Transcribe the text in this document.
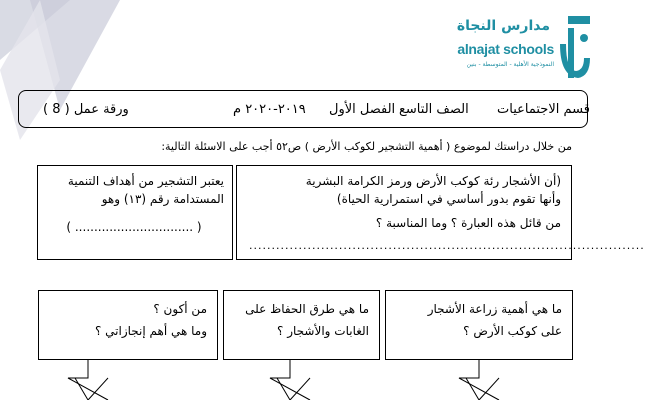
مدارس النجاة
alnajat schools
النموذجية الأهلية - المتوسطة - بنين
ورقة عمل ( 8 )	٢٠١٩-٢٠٢٠ م الفصل الأول الصف التاسع قسم الاجتماعيات
من خلال دراستك لموضوع ( أهمية التشجير لكوكب الأرض ) ص٥٢ أجب على الاسئلة التالية:
(أن الأشجار رئة كوكب الأرض ورمز الكرامة البشرية
وأنها تقوم بدور أساسي في استمرارية الحياة)
من قائل هذه العبارة ؟ وما المناسبة ؟
........................................................................................
يعتبر التشجير من أهداف التنمية
المستدامة رقم (١٣) وهو
( ............................... )
ما هي أهمية زراعة الأشجار
على كوكب الأرض ؟
ما هي طرق الحفاظ على
الغابات والأشجار ؟
من أكون ؟
وما هي أهم إنجازاتي ؟
